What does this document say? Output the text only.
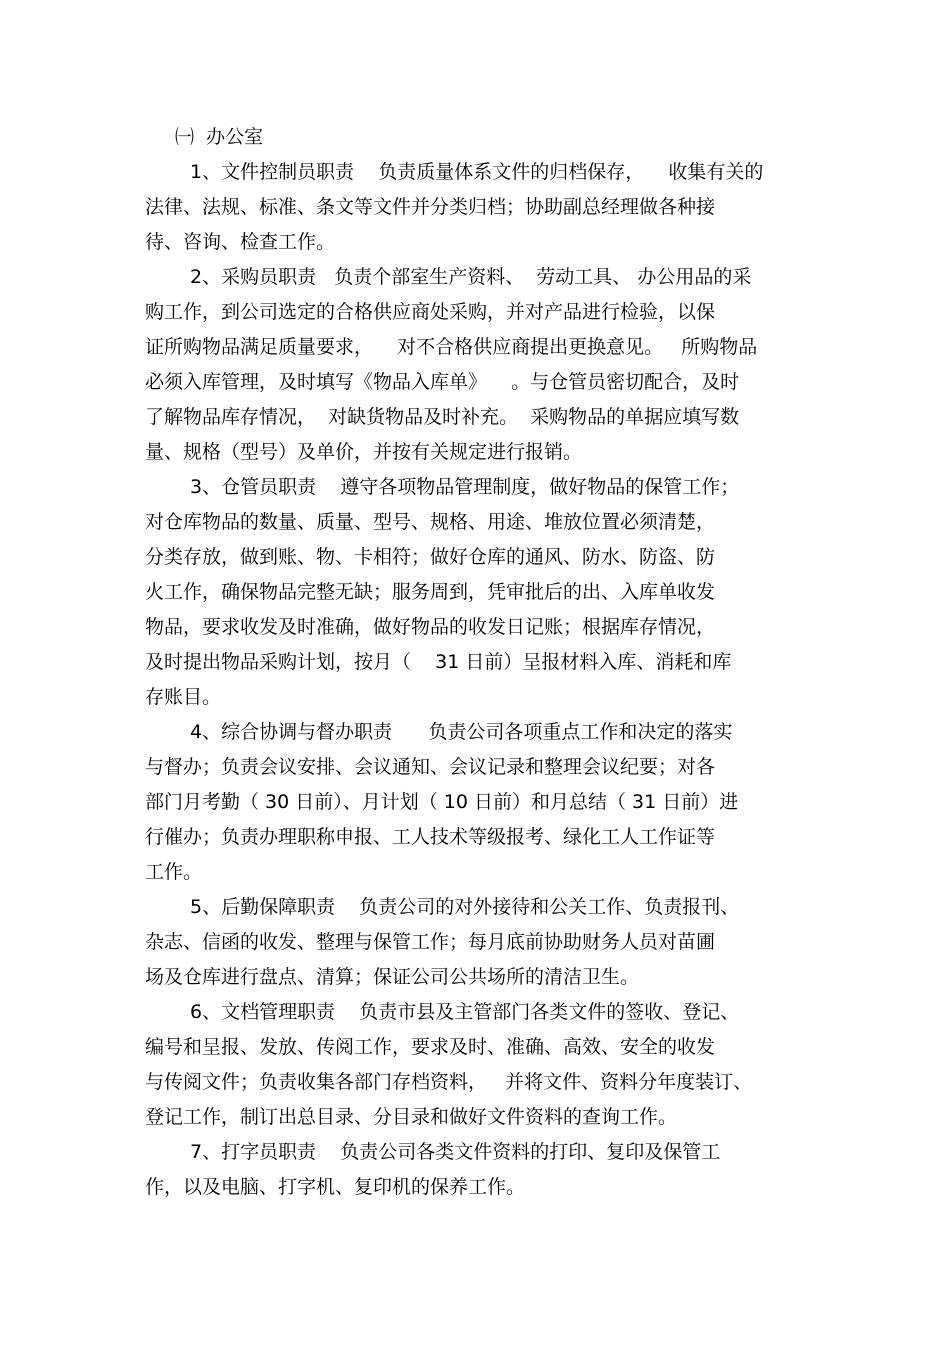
㈠  办公室
1、文件控制员职责    负责质量体系文件的归档保存，    收集有关的
法律、法规、标准、条文等文件并分类归档；协助副总经理做各种接
待、咨询、检查工作。
2、采购员职责   负责个部室生产资料、  劳动工具、 办公用品的采
购工作，到公司选定的合格供应商处采购，并对产品进行检验，以保
证所购物品满足质量要求，    对不合格供应商提出更换意见。   所购物品
必须入库管理，及时填写《物品入库单》    。与仓管员密切配合，及时
了解物品库存情况，  对缺货物品及时补充。  采购物品的单据应填写数
量、规格（型号）及单价，并按有关规定进行报销。
3、仓管员职责    遵守各项物品管理制度，做好物品的保管工作；
对仓库物品的数量、质量、型号、规格、用途、堆放位置必须清楚，
分类存放，做到账、物、卡相符；做好仓库的通风、防水、防盗、防
火工作，确保物品完整无缺；服务周到，凭审批后的出、入库单收发
物品，要求收发及时准确，做好物品的收发日记账；根据库存情况，
及时提出物品采购计划，按月（    31 日前）呈报材料入库、消耗和库
存账目。
4、综合协调与督办职责      负责公司各项重点工作和决定的落实
与督办；负责会议安排、会议通知、会议记录和整理会议纪要；对各
部门月考勤（ 30 日前）、月计划（ 10 日前）和月总结（ 31 日前）进
行催办；负责办理职称申报、工人技术等级报考、绿化工人工作证等
工作。
5、后勤保障职责    负责公司的对外接待和公关工作、负责报刊、
杂志、信函的收发、整理与保管工作；每月底前协助财务人员对苗圃
场及仓库进行盘点、清算；保证公司公共场所的清洁卫生。
6、文档管理职责    负责市县及主管部门各类文件的签收、登记、
编号和呈报、发放、传阅工作，要求及时、准确、高效、安全的收发
与传阅文件；负责收集各部门存档资料，   并将文件、资料分年度装订、
登记工作，制订出总目录、分目录和做好文件资料的查询工作。
7、打字员职责    负责公司各类文件资料的打印、复印及保管工
作，以及电脑、打字机、复印机的保养工作。
